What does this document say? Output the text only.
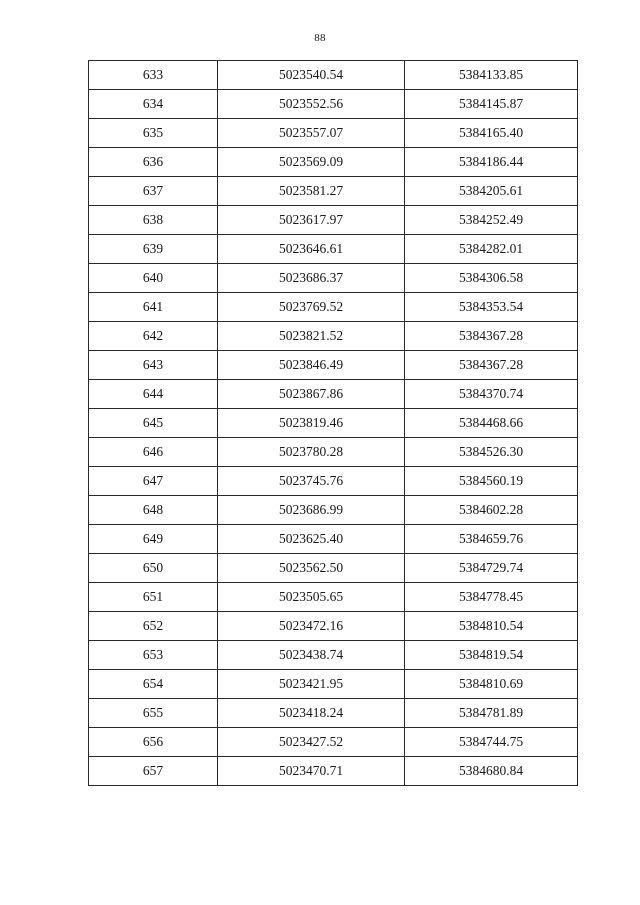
88
633	5023540.54	5384133.85
634	5023552.56	5384145.87
635	5023557.07	5384165.40
636	5023569.09	5384186.44
637	5023581.27	5384205.61
638	5023617.97	5384252.49
639	5023646.61	5384282.01
640	5023686.37	5384306.58
641	5023769.52	5384353.54
642	5023821.52	5384367.28
643	5023846.49	5384367.28
644	5023867.86	5384370.74
645	5023819.46	5384468.66
646	5023780.28	5384526.30
647	5023745.76	5384560.19
648	5023686.99	5384602.28
649	5023625.40	5384659.76
650	5023562.50	5384729.74
651	5023505.65	5384778.45
652	5023472.16	5384810.54
653	5023438.74	5384819.54
654	5023421.95	5384810.69
655	5023418.24	5384781.89
656	5023427.52	5384744.75
657	5023470.71	5384680.84
